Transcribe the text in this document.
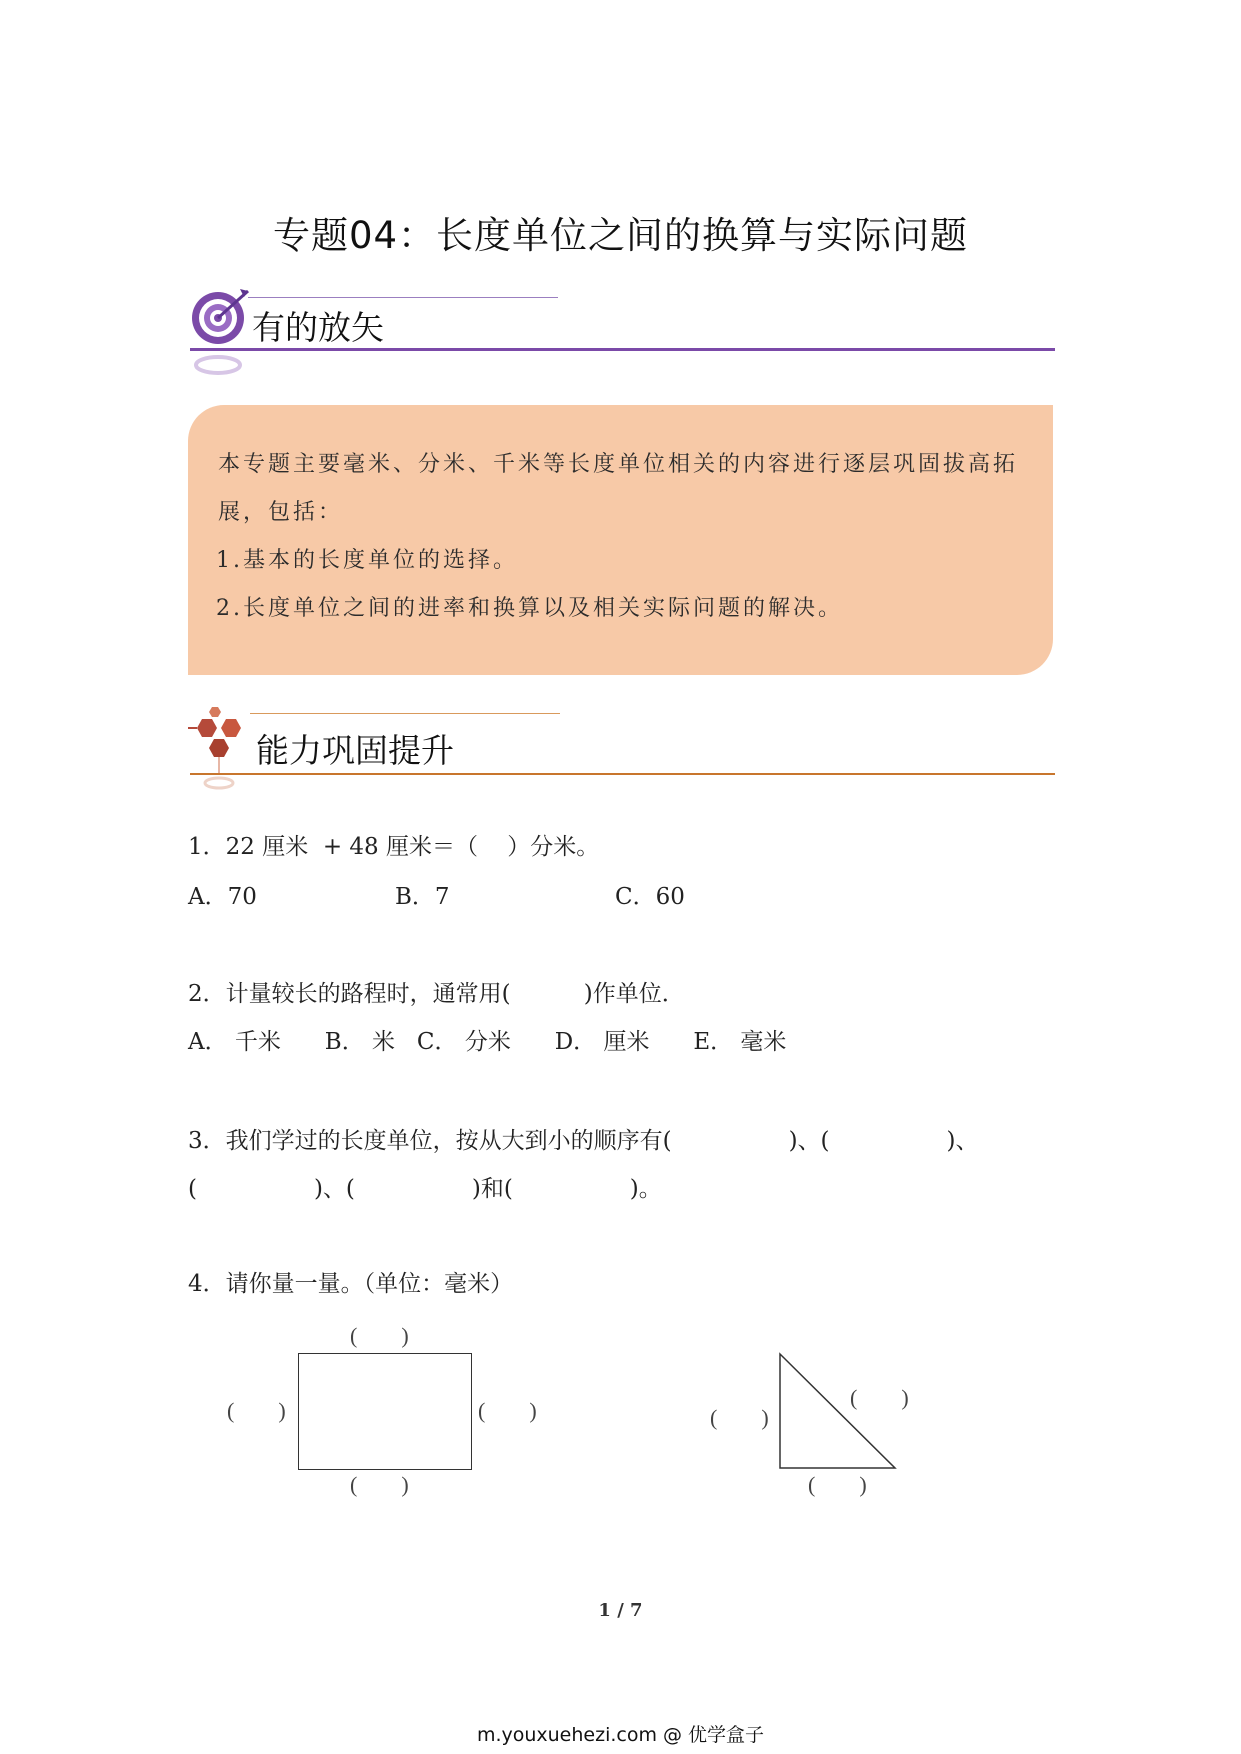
专题04：长度单位之间的换算与实际问题
有的放矢

本专题主要毫米、分米、千米等长度单位相关的内容进行逐层巩固拔高拓

展，包括：

1.基本的长度单位的选择。

2.长度单位之间的进率和换算以及相关实际问题的解决。

能力巩固提升
1．22 厘米  + 48 厘米＝（    ）分米。
A．70	B．7	C．60
2．计量较长的路程时，通常用(          )作单位．
A． 千米      B． 米   C． 分米      D． 厘米      E． 毫米
3．我们学过的长度单位，按从大到小的顺序有(                )、(                )、
(                )、(                )和(                )。
4．请你量一量。（单位：毫米）
(        )
(        )	(        )
(        )
(        )
(        )
(        )
1 / 7
m.youxuehezi.com @ 优学盒子
